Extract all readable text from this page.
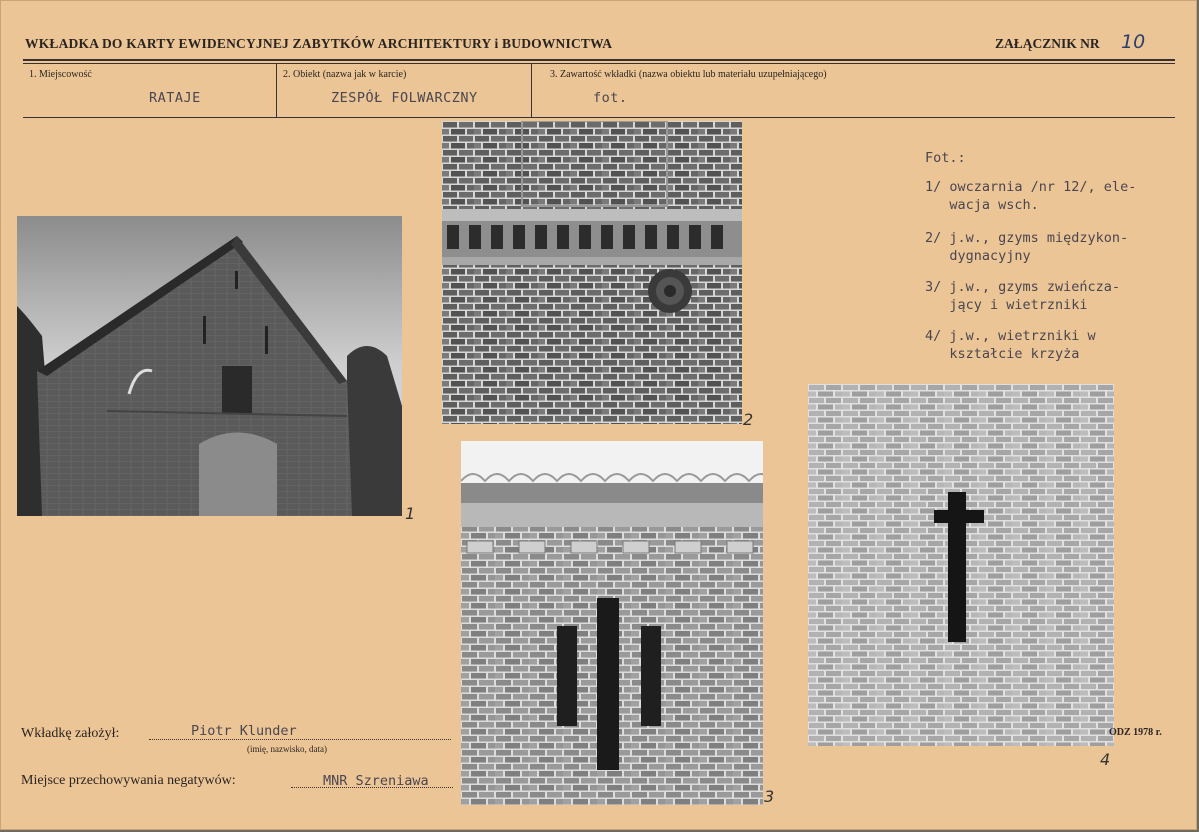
WKŁADKA DO KARTY EWIDENCYJNEJ ZABYTKÓW ARCHITEKTURY i BUDOWNICTWA	ZAŁĄCZNIK NR 10
1. Miejscowość
RATAJE
2. Obiekt (nazwa jak w karcie)
ZESPÓŁ FOLWARCZNY
3. Zawartość wkładki (nazwa obiektu lub materiału uzupełniającego)
fot.
1
2
3
4
Fot.:
1/ owczarnia /nr 12/, ele-
wacja wsch.
2/ j.w., gzyms międzykon-
dygnacyjny
3/ j.w., gzyms zwieńcza-
jący i wietrzniki
4/ j.w., wietrzniki w
kształcie krzyża
Wkładkę założył:	Piotr Klunder
(imię, nazwisko, data)
Miejsce przechowywania negatywów:	MNR Szreniawa
ODZ 1978 r.
